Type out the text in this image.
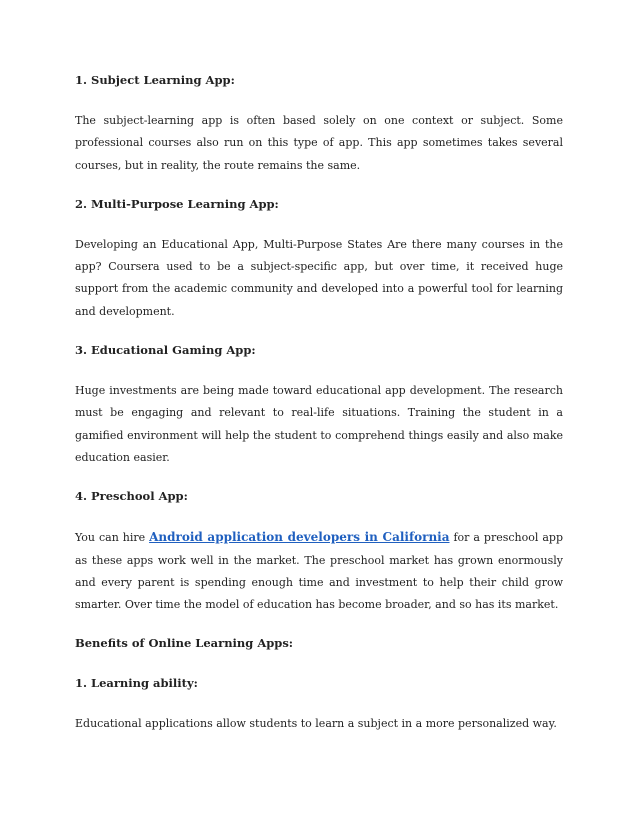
1. Subject Learning App:

The subject-learning app is often based solely on one context or subject. Some professional courses also run on this type of app. This app sometimes takes several courses, but in reality, the route remains the same.

2. Multi-Purpose Learning App:

Developing an Educational App, Multi-Purpose States Are there many courses in the app? Coursera used to be a subject-specific app, but over time, it received huge support from the academic community and developed into a powerful tool for learning and development.

3. Educational Gaming App:

Huge investments are being made toward educational app development. The research must be engaging and relevant to real-life situations. Training the student in a gamified environment will help the student to comprehend things easily and also make education easier.

4. Preschool App:

You can hire Android application developers in California for a preschool app as these apps work well in the market. The preschool market has grown enormously and every parent is spending enough time and investment to help their child grow smarter. Over time the model of education has become broader, and so has its market.

Benefits of Online Learning Apps:

1. Learning ability:

Educational applications allow students to learn a subject in a more personalized way.
